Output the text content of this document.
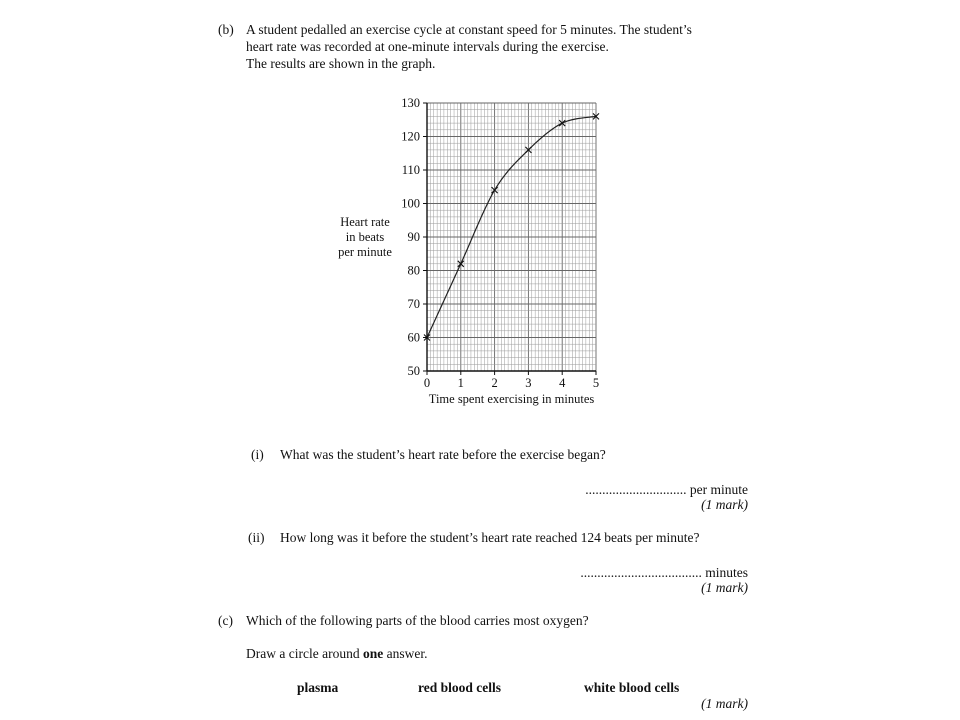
(b) A student pedalled an exercise cycle at constant speed for 5 minutes. The student’s
heart rate was recorded at one-minute intervals during the exercise.
The results are shown in the graph.
50
60
70
80
90
100
110
120
130
0 1 2 3 4 5
Time spent exercising in minutes
Heart rate
in beats
per minute
(i) What was the student’s heart rate before the exercise began?
.............................. per minute
(1 mark)
(ii) How long was it before the student’s heart rate reached 124 beats per minute?
.................................... minutes
(1 mark)
(c) Which of the following parts of the blood carries most oxygen?
Draw a circle around one answer.
plasma	red blood cells	white blood cells
(1 mark)
